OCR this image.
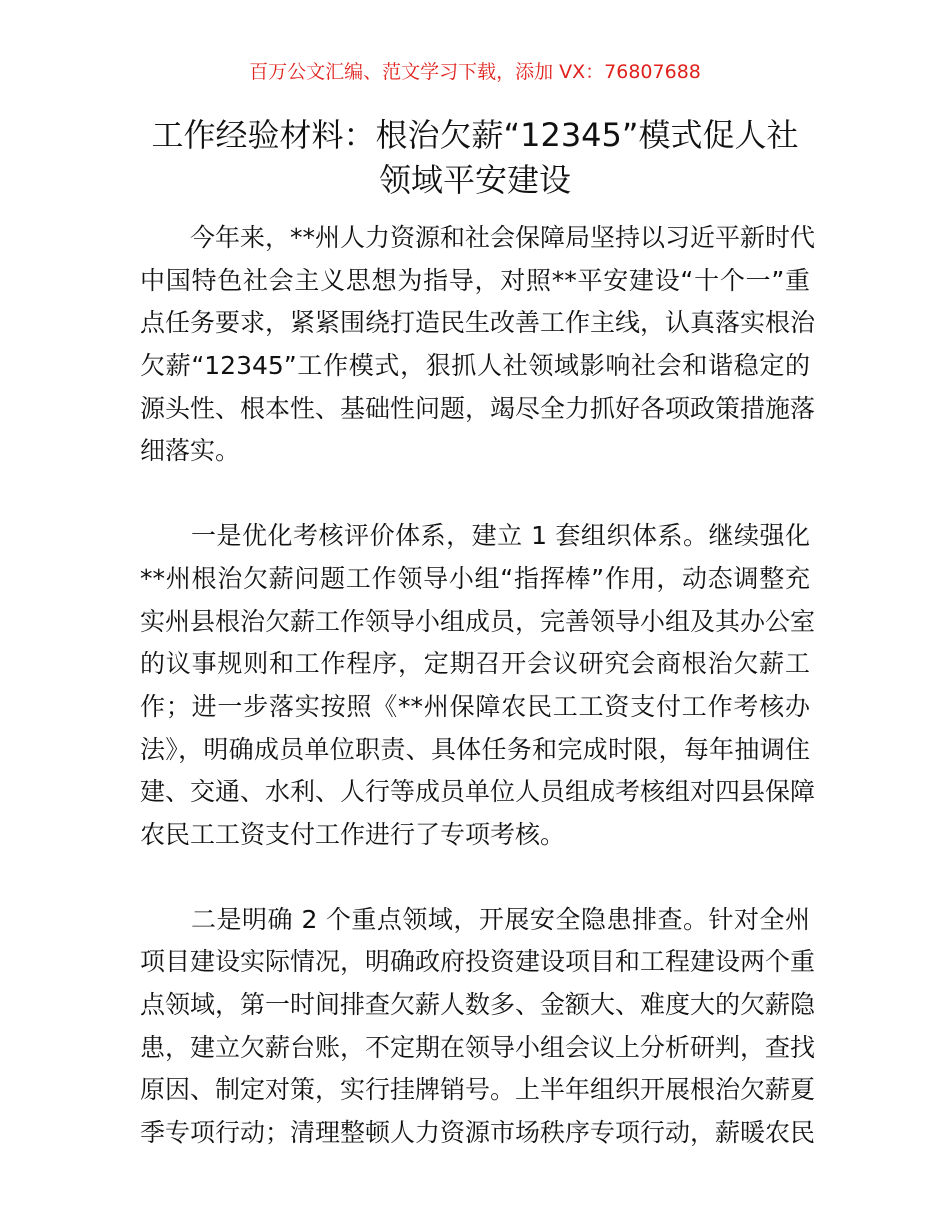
百万公文汇编、范文学习下载，添加 VX：76807688
工作经验材料：根治欠薪“12345”模式促人社
领域平安建设
　　今年来，**州人力资源和社会保障局坚持以习近平新时代
中国特色社会主义思想为指导，对照**平安建设“十个一”重
点任务要求，紧紧围绕打造民生改善工作主线，认真落实根治
欠薪“12345”工作模式，狠抓人社领域影响社会和谐稳定的
源头性、根本性、基础性问题，竭尽全力抓好各项政策措施落
细落实。
　　一是优化考核评价体系，建立 1 套组织体系。继续强化
**州根治欠薪问题工作领导小组“指挥棒”作用，动态调整充
实州县根治欠薪工作领导小组成员，完善领导小组及其办公室
的议事规则和工作程序，定期召开会议研究会商根治欠薪工
作；进一步落实按照《**州保障农民工工资支付工作考核办
法》，明确成员单位职责、具体任务和完成时限，每年抽调住
建、交通、水利、人行等成员单位人员组成考核组对四县保障
农民工工资支付工作进行了专项考核。
　　二是明确 2 个重点领域，开展安全隐患排查。针对全州
项目建设实际情况，明确政府投资建设项目和工程建设两个重
点领域，第一时间排查欠薪人数多、金额大、难度大的欠薪隐
患，建立欠薪台账，不定期在领导小组会议上分析研判，查找
原因、制定对策，实行挂牌销号。上半年组织开展根治欠薪夏
季专项行动；清理整顿人力资源市场秩序专项行动，薪暖农民
